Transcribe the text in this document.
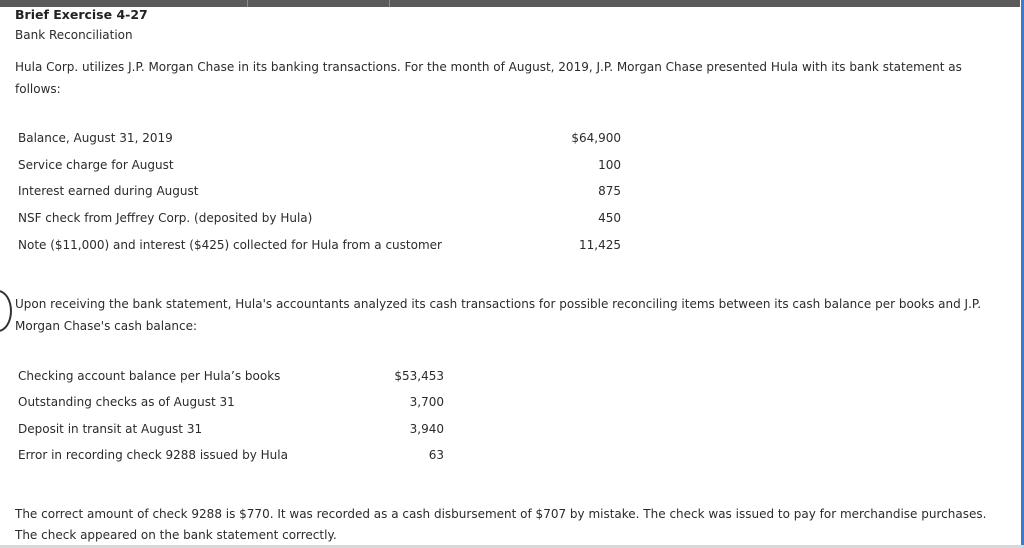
Brief Exercise 4-27
Bank Reconciliation
Hula Corp. utilizes J.P. Morgan Chase in its banking transactions. For the month of August, 2019, J.P. Morgan Chase presented Hula with its bank statement as follows:
Balance, August 31, 2019	$64,900
Service charge for August	100
Interest earned during August	875
NSF check from Jeffrey Corp. (deposited by Hula)	450
Note ($11,000) and interest ($425) collected for Hula from a customer	11,425
Upon receiving the bank statement, Hula's accountants analyzed its cash transactions for possible reconciling items between its cash balance per books and J.P. Morgan Chase's cash balance:
Checking account balance per Hula’s books	$53,453
Outstanding checks as of August 31	3,700
Deposit in transit at August 31	3,940
Error in recording check 9288 issued by Hula	63
The correct amount of check 9288 is $770. It was recorded as a cash disbursement of $707 by mistake. The check was issued to pay for merchandise purchases. The check appeared on the bank statement correctly.
